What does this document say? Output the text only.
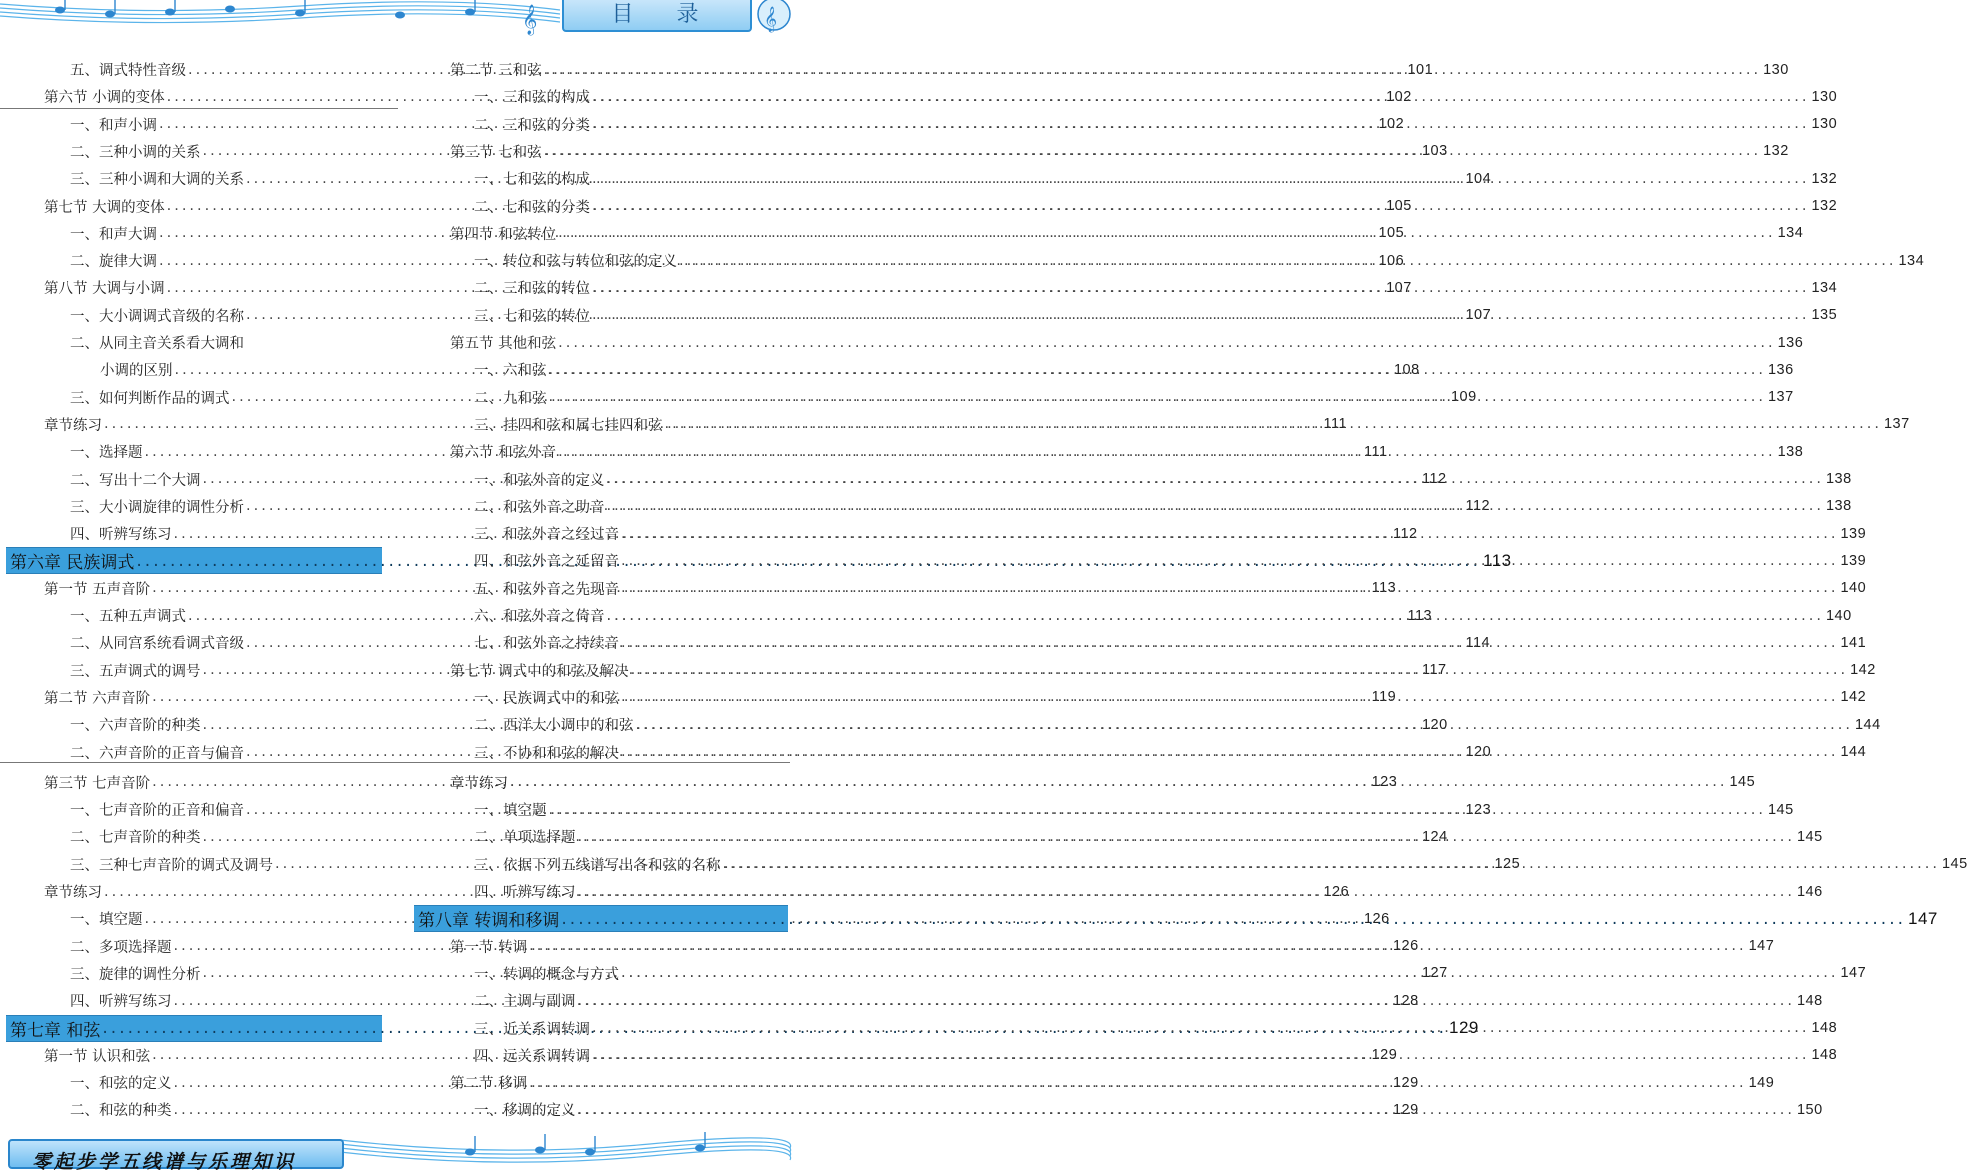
𝄞	𝄞
目 录
五、调式特性音级 .....	101
第六节 小调的变体 .....	102
一、和声小调 .....	102
二、三种小调的关系 .....	103
三、三种小调和大调的关系 .....	104
第七节 大调的变体 .....	105
一、和声大调 .....	105
二、旋律大调 .....	106
第八节 大调与小调 .....	107
一、大小调调式音级的名称 .....	107
二、从同主音关系看大调和
小调的区别 .....	108
三、如何判断作品的调式 .....	109
章节练习 .....	111
一、选择题 .....	111
二、写出十二个大调 .....	112
三、大小调旋律的调性分析 .....	112
四、听辨写练习 .....	112
第六章 民族调式 .....	113
第一节 五声音阶 .....	113
一、五种五声调式 .....	113
二、从同宫系统看调式音级 .....	114
三、五声调式的调号 .....	117
第二节 六声音阶 .....	119
一、六声音阶的种类 .....	120
二、六声音阶的正音与偏音 .....	120
第三节 七声音阶 .....	123
一、七声音阶的正音和偏音 .....	123
二、七声音阶的种类 .....	124
三、三种七声音阶的调式及调号 .....	125
章节练习 .....	126
一、填空题 .....	126
二、多项选择题 .....	126
三、旋律的调性分析 .....	127
四、听辨写练习 .....	128
第七章 和弦 .....	129
第一节 认识和弦 .....	129
一、和弦的定义 .....	129
二、和弦的种类 .....	129
第二节 三和弦 .....	130
一、三和弦的构成 .....	130
二、三和弦的分类 .....	130
第三节 七和弦 .....	132
一、七和弦的构成 .....	132
二、七和弦的分类 .....	132
第四节 和弦转位 .....	134
一、转位和弦与转位和弦的定义 .....	134
二、三和弦的转位 .....	134
三、七和弦的转位 .....	135
第五节 其他和弦 .....	136
一、六和弦 .....	136
二、九和弦 .....	137
三、挂四和弦和属七挂四和弦 .....	137
第六节 和弦外音 .....	138
一、和弦外音的定义 .....	138
二、和弦外音之助音 .....	138
三、和弦外音之经过音 .....	139
四、和弦外音之延留音 .....	139
五、和弦外音之先现音 .....	140
六、和弦外音之倚音 .....	140
七、和弦外音之持续音 .....	141
第七节 调式中的和弦及解决 .....	142
一、民族调式中的和弦 .....	142
二、西洋大小调中的和弦 .....	144
三、不协和和弦的解决 .....	144
章节练习 .....	145
一、填空题 .....	145
二、单项选择题 .....	145
三、依据下列五线谱写出各和弦的名称 .....	145
四、听辨写练习 .....	146
第八章 转调和移调 .....	147
第一节 转调 .....	147
一、转调的概念与方式 .....	147
二、主调与副调 .....	148
三、近关系调转调 .....	148
四、远关系调转调 .....	148
第二节 移调 .....	149
一、移调的定义 .....	150
零起步学五线谱与乐理知识
